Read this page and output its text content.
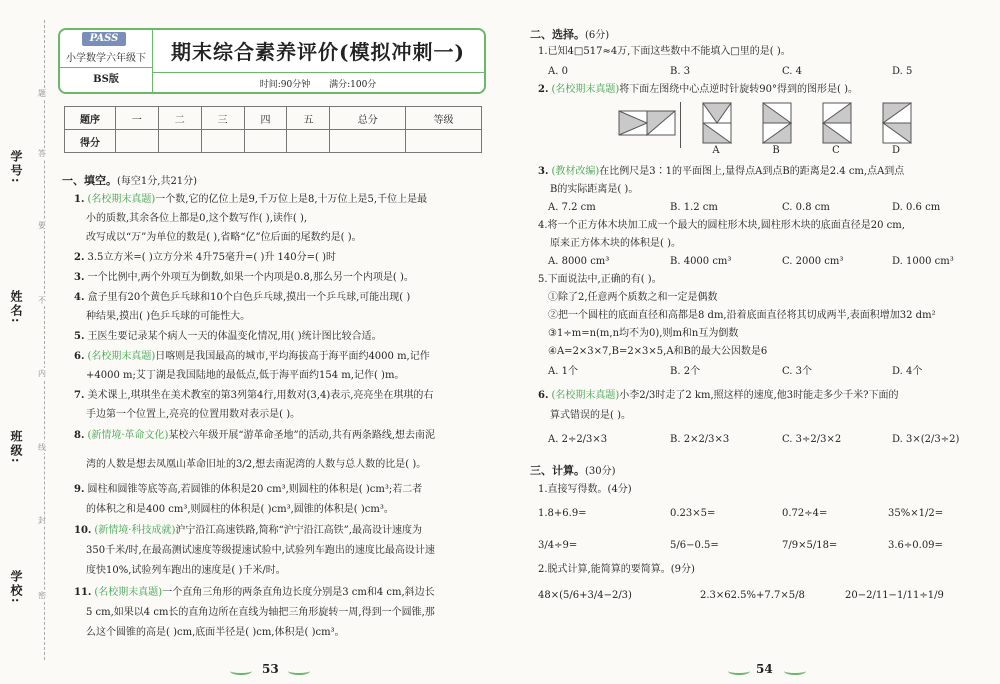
学号:
姓名:
班级:
学校:
题
答
要
不
内
线
封
密
PASS
小学数学六年级下
BS版
期末综合素养评价(模拟冲刺一)
时间:90分钟 满分:100分
题序	一	二	三	四	五	总分	等级
得分							
一、填空。(每空1分,共21分)
1. (名校期末真题)一个数,它的亿位上是9,千万位上是8,十万位上是5,千位上是最
小的质数,其余各位上都是0,这个数写作( ),读作( ),
改写成以“万”为单位的数是( ),省略“亿”位后面的尾数约是( )。
2. 3.5立方米=( )立方分米 4升75毫升=( )升 140分=( )时
3. 一个比例中,两个外项互为倒数,如果一个内项是0.8,那么另一个内项是( )。
4. 盒子里有20个黄色乒乓球和10个白色乒乓球,摸出一个乒乓球,可能出现( )
种结果,摸出( )色乒乓球的可能性大。
5. 王医生要记录某个病人一天的体温变化情况,用( )统计图比较合适。
6. (名校期末真题)日喀则是我国最高的城市,平均海拔高于海平面约4000 m,记作
+4000 m;艾丁湖是我国陆地的最低点,低于海平面约154 m,记作( )m。
7. 美术课上,琪琪坐在美术教室的第3列第4行,用数对(3,4)表示,亮亮坐在琪琪的右
手边第一个位置上,亮亮的位置用数对表示是( )。
8. (新情境·革命文化)某校六年级开展“游革命圣地”的活动,共有两条路线,想去南泥
湾的人数是想去凤凰山革命旧址的3/2,想去南泥湾的人数与总人数的比是( )。
9. 圆柱和圆锥等底等高,若圆锥的体积是20 cm³,则圆柱的体积是( )cm³;若二者
的体积之和是400 cm³,则圆柱的体积是( )cm³,圆锥的体积是( )cm³。
10. (新情境·科技成就)沪宁沿江高速铁路,简称“沪宁沿江高铁”,最高设计速度为
350千米/时,在最高测试速度等级提速试验中,试验列车跑出的速度比最高设计速
度快10%,试验列车跑出的速度是( )千米/时。
11. (名校期末真题)一个直角三角形的两条直角边长度分别是3 cm和4 cm,斜边长
5 cm,如果以4 cm长的直角边所在直线为轴把三角形旋转一周,得到一个圆锥,那
么这个圆锥的高是( )cm,底面半径是( )cm,体积是( )cm³。
53
二、选择。(6分)
1.已知4□517≈4万,下面这些数中不能填入□里的是( )。
A. 0	B. 3	C. 4	D. 5
2. (名校期末真题)将下面左图绕中心点逆时针旋转90°得到的图形是( )。
A	B	C	D
3. (教材改编)在比例尺是3∶1的平面图上,量得点A到点B的距离是2.4 cm,点A到点
B的实际距离是( )。
A. 7.2 cm	B. 1.2 cm	C. 0.8 cm	D. 0.6 cm
4.将一个正方体木块加工成一个最大的圆柱形木块,圆柱形木块的底面直径是20 cm,
原来正方体木块的体积是( )。
A. 8000 cm³	B. 4000 cm³	C. 2000 cm³	D. 1000 cm³
5.下面说法中,正确的有( )。
①除了2,任意两个质数之和一定是偶数
②把一个圆柱的底面直径和高都是8 dm,沿着底面直径将其切成两半,表面积增加32 dm²
③1÷m=n(m,n均不为0),则m和n互为倒数
④A=2×3×7,B=2×3×5,A和B的最大公因数是6
A. 1个	B. 2个	C. 3个	D. 4个
6. (名校期末真题)小李2/3时走了2 km,照这样的速度,他3时能走多少千米?下面的
算式错误的是( )。
A. 2÷2/3×3	B. 2×2/3×3	C. 3÷2/3×2	D. 3×(2/3÷2)
三、计算。(30分)
1.直接写得数。(4分)
1.8+6.9=	0.23×5=	0.72÷4=	35%×1/2=
3/4÷9=	5/6−0.5=	7/9×5/18=	3.6÷0.09=
2.脱式计算,能简算的要简算。(9分)
48×(5/6+3/4−2/3)	2.3×62.5%+7.7×5/8	20−2/11−1/11÷1/9
54
